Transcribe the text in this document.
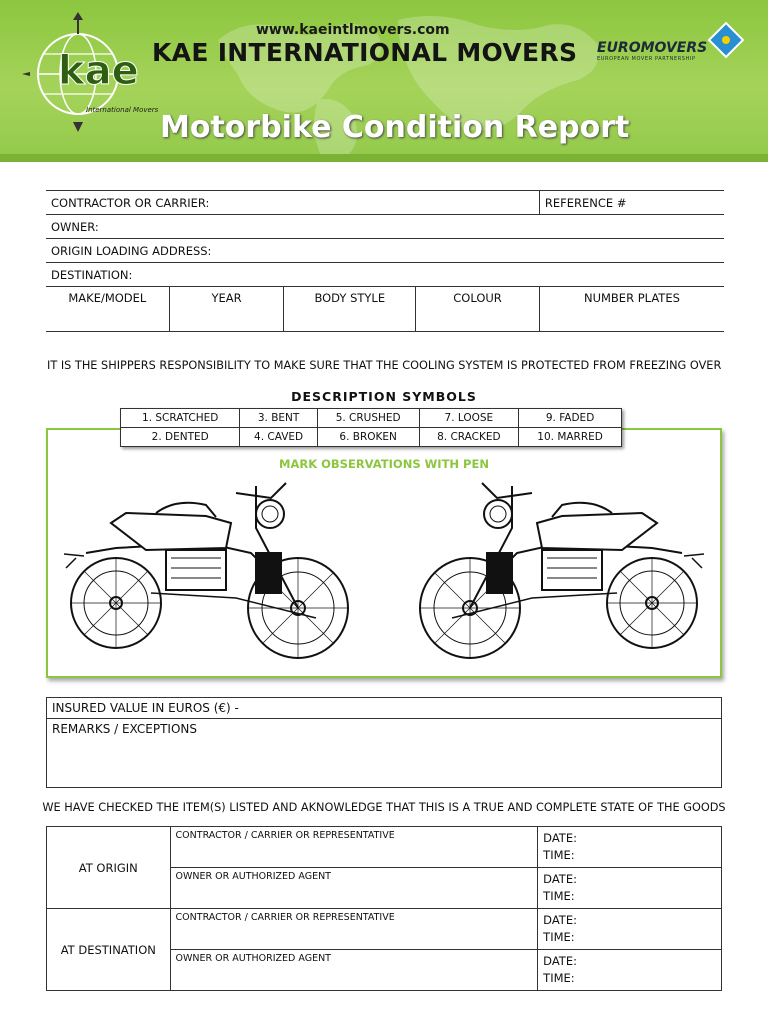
kae
International Movers
www.kaeintlmovers.com
KAE INTERNATIONAL MOVERS EUROMOVERS
EUROPEAN MOVER PARTNERSHIP
Motorbike Condition Report
CONTRACTOR OR CARRIER:				REFERENCE #
OWNER:				
ORIGIN LOADING ADDRESS:				
DESTINATION:				
MAKE/MODEL	YEAR	BODY STYLE	COLOUR	NUMBER PLATES
IT IS THE SHIPPERS RESPONSIBILITY TO MAKE SURE THAT THE COOLING SYSTEM IS PROTECTED FROM FREEZING OVER
DESCRIPTION SYMBOLS
MARK OBSERVATIONS WITH PEN
1. SCRATCHED	3. BENT	5. CRUSHED	7. LOOSE	9. FADED
2. DENTED	4. CAVED	6. BROKEN	8. CRACKED	10. MARRED
INSURED VALUE IN EUROS (€) -
REMARKS / EXCEPTIONS
WE HAVE CHECKED THE ITEM(S) LISTED AND AKNOWLEDGE THAT THIS IS A TRUE AND COMPLETE STATE OF THE GOODS
AT ORIGIN	CONTRACTOR / CARRIER OR REPRESENTATIVE	DATE:
TIME:

	OWNER OR AUTHORIZED AGENT	DATE:
TIME:

AT DESTINATION	CONTRACTOR / CARRIER OR REPRESENTATIVE	DATE:
TIME:

	OWNER OR AUTHORIZED AGENT	DATE:
TIME:
